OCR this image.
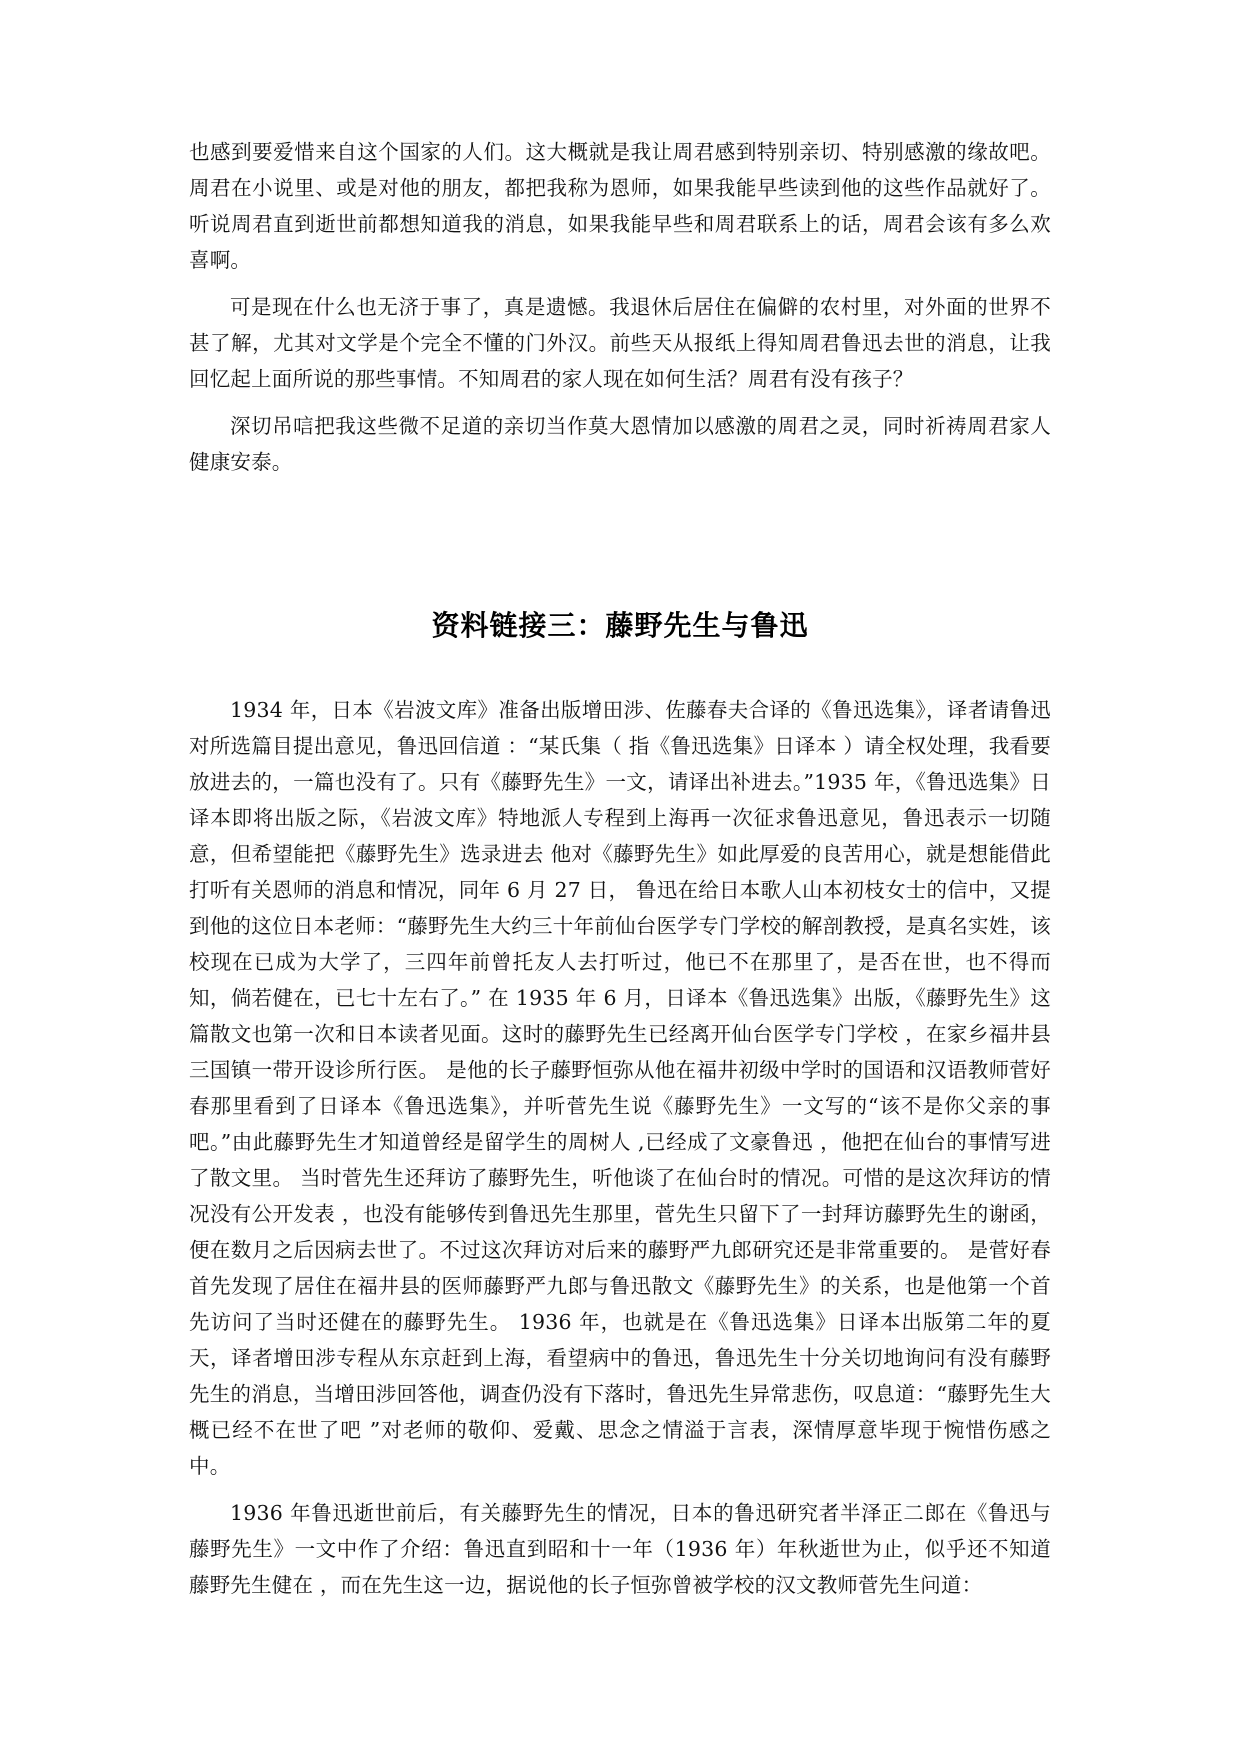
也感到要爱惜来自这个国家的人们。这大概就是我让周君感到特别亲切、特别感激的缘故吧。周君在小说里、或是对他的朋友，都把我称为恩师，如果我能早些读到他的这些作品就好了。听说周君直到逝世前都想知道我的消息，如果我能早些和周君联系上的话，周君会该有多么欢喜啊。

可是现在什么也无济于事了，真是遗憾。我退休后居住在偏僻的农村里，对外面的世界不甚了解，尤其对文学是个完全不懂的门外汉。前些天从报纸上得知周君鲁迅去世的消息，让我回忆起上面所说的那些事情。不知周君的家人现在如何生活？周君有没有孩子？

深切吊唁把我这些微不足道的亲切当作莫大恩情加以感激的周君之灵，同时祈祷周君家人健康安泰。

资料链接三：藤野先生与鲁迅

1934 年，日本《岩波文库》准备出版增田涉、佐藤春夫合译的《鲁迅选集》，译者请鲁迅对所选篇目提出意见，鲁迅回信道 ：“某氏集（ 指《鲁迅选集》日译本 ）请全权处理，我看要放进去的，一篇也没有了。只有《藤野先生》一文，请译出补进去。”1935 年，《鲁迅选集》日译本即将出版之际，《岩波文库》特地派人专程到上海再一次征求鲁迅意见，鲁迅表示一切随意，但希望能把《藤野先生》选录进去 他对《藤野先生》如此厚爱的良苦用心，就是想能借此打听有关恩师的消息和情况，同年 6 月 27 日， 鲁迅在给日本歌人山本初枝女士的信中，又提到他的这位日本老师：“藤野先生大约三十年前仙台医学专门学校的解剖教授，是真名实姓，该校现在已成为大学了，三四年前曾托友人去打听过，他已不在那里了，是否在世，也不得而知，倘若健在，已七十左右了。” 在 1935 年 6 月，日译本《鲁迅选集》出版，《藤野先生》这篇散文也第一次和日本读者见面。这时的藤野先生已经离开仙台医学专门学校 ，在家乡福井县三国镇一带开设诊所行医。 是他的长子藤野恒弥从他在福井初级中学时的国语和汉语教师菅好春那里看到了日译本《鲁迅选集》，并听菅先生说《藤野先生》一文写的“该不是你父亲的事吧。”由此藤野先生才知道曾经是留学生的周树人 ,已经成了文豪鲁迅 ，他把在仙台的事情写进了散文里。 当时菅先生还拜访了藤野先生，听他谈了在仙台时的情况。可惜的是这次拜访的情况没有公开发表 ，也没有能够传到鲁迅先生那里，菅先生只留下了一封拜访藤野先生的谢函，便在数月之后因病去世了。不过这次拜访对后来的藤野严九郎研究还是非常重要的。 是菅好春首先发现了居住在福井县的医师藤野严九郎与鲁迅散文《藤野先生》的关系，也是他第一个首先访问了当时还健在的藤野先生。 1936 年，也就是在《鲁迅选集》日译本出版第二年的夏天，译者增田涉专程从东京赶到上海，看望病中的鲁迅，鲁迅先生十分关切地询问有没有藤野先生的消息，当增田涉回答他，调查仍没有下落时，鲁迅先生异常悲伤，叹息道：“藤野先生大概已经不在世了吧 ”对老师的敬仰、爱戴、思念之情溢于言表，深情厚意毕现于惋惜伤感之中。

1936 年鲁迅逝世前后，有关藤野先生的情况，日本的鲁迅研究者半泽正二郎在《鲁迅与藤野先生》一文中作了介绍：鲁迅直到昭和十一年（1936 年）年秋逝世为止，似乎还不知道藤野先生健在 ，而在先生这一边，据说他的长子恒弥曾被学校的汉文教师菅先生问道：
